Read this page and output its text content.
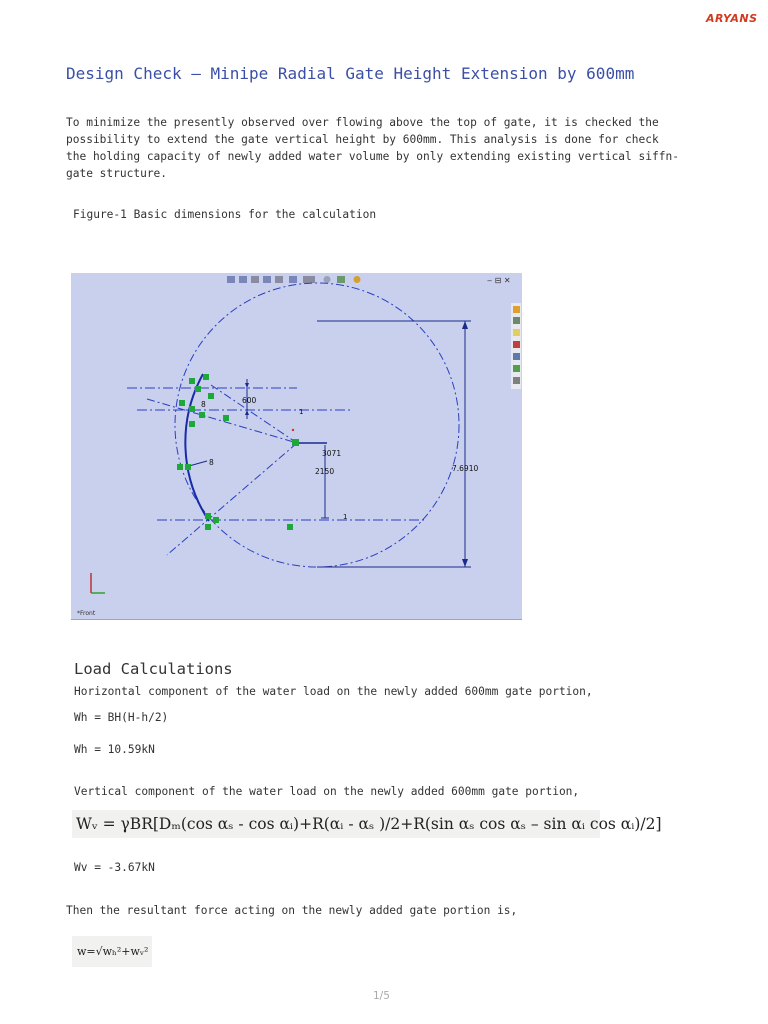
ARYANS
Design Check – Minipe Radial Gate Height Extension by 600mm
To minimize the presently observed over flowing above the top of gate, it is checked the
possibility to extend the gate vertical height by 600mm. This analysis is done for check
the holding capacity of newly added water volume by only extending existing vertical siffn-
gate structure.
Figure-1 Basic dimensions for the calculation
‒ ⊟ ✕
600
8
8
3071
2150	7.6910
1
1
*Front
Load Calculations
Horizontal component of the water load on the newly added 600mm gate portion,
Wh = BH(H-h/2)
Wh = 10.59kN
Vertical component of the water load on the newly added 600mm gate portion,
Wᵥ = γBR[Dₘ(cos αₛ - cos αᵢ)+R(αᵢ - αₛ )/2+R(sin αₛ cos αₛ – sin αᵢ cos αᵢ)/2]
Wv = -3.67kN
Then the resultant force acting on the newly added gate portion is,
w=√wₕ²+wᵥ²
1/5
